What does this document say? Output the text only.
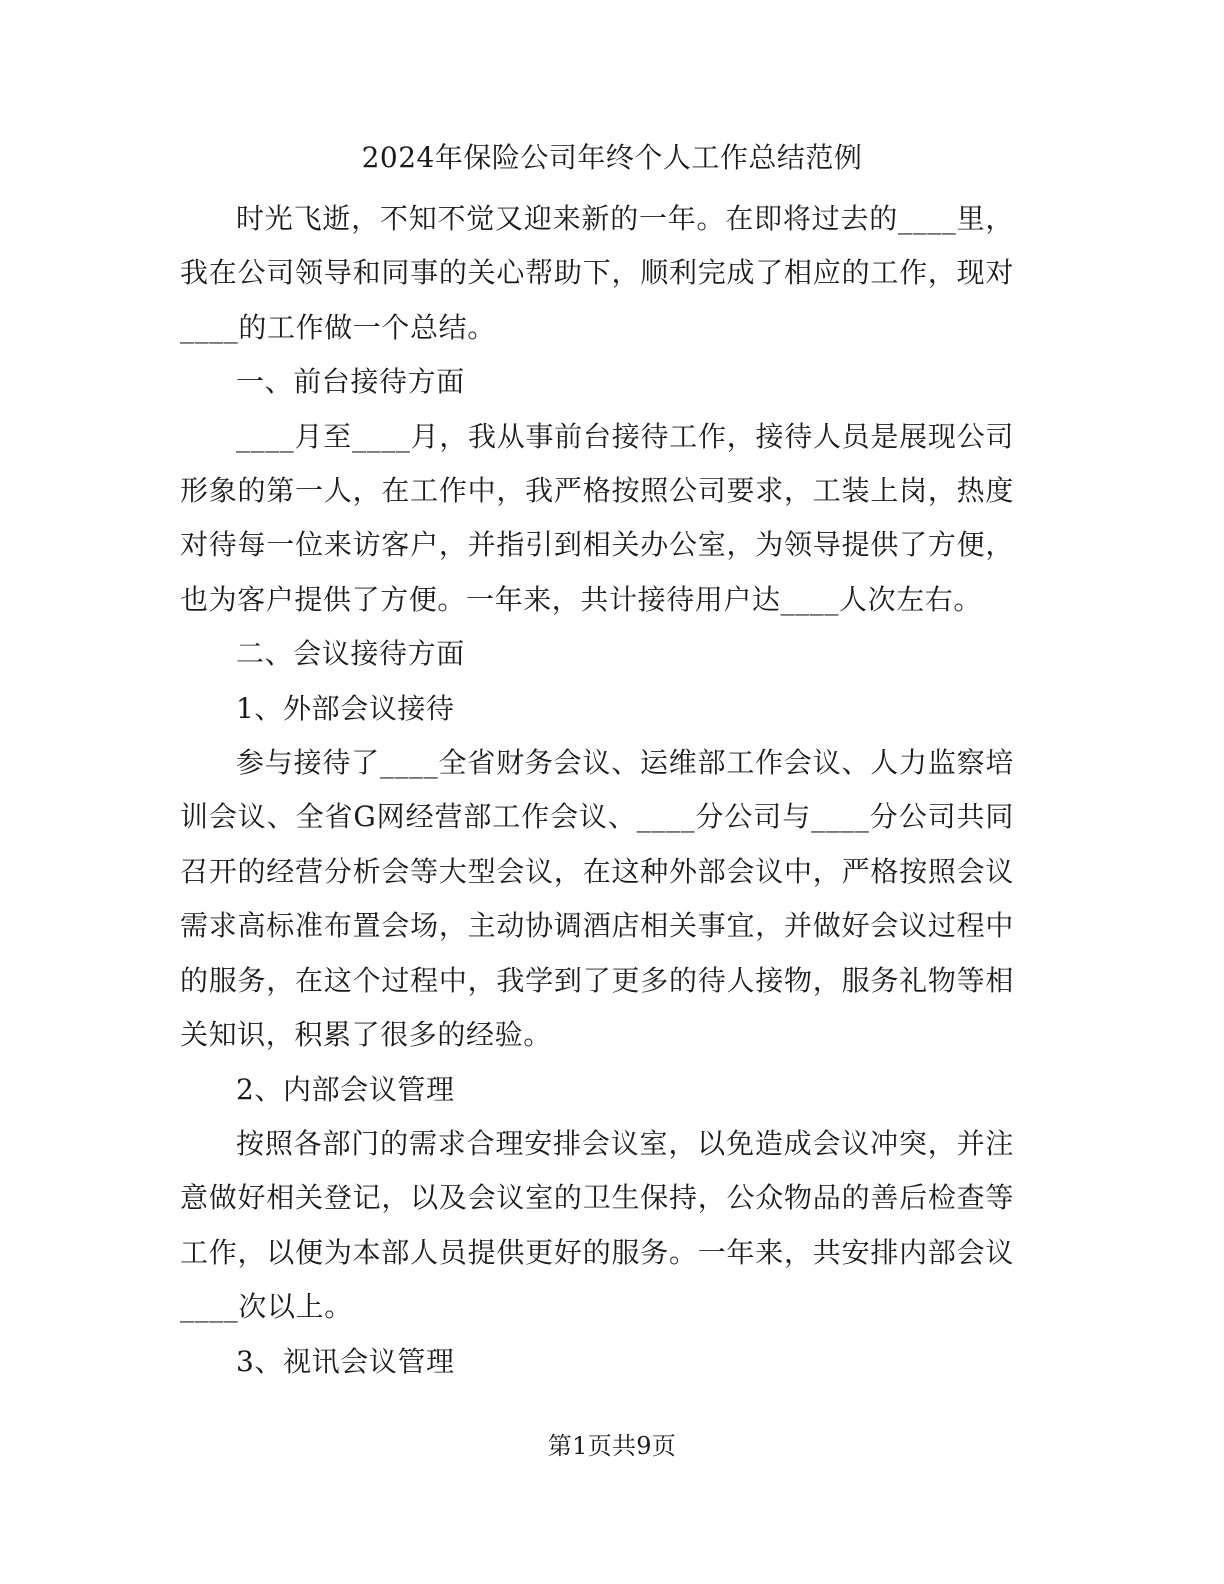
2024年保险公司年终个人工作总结范例

时光飞逝，不知不觉又迎来新的一年。在即将过去的____里，我在公司领导和同事的关心帮助下，顺利完成了相应的工作，现对____的工作做一个总结。

一、前台接待方面

____月至____月，我从事前台接待工作，接待人员是展现公司形象的第一人，在工作中，我严格按照公司要求，工装上岗，热度对待每一位来访客户，并指引到相关办公室，为领导提供了方便，也为客户提供了方便。一年来，共计接待用户达____人次左右。

二、会议接待方面

1、外部会议接待

参与接待了____全省财务会议、运维部工作会议、人力监察培训会议、全省G网经营部工作会议、____分公司与____分公司共同召开的经营分析会等大型会议，在这种外部会议中，严格按照会议需求高标准布置会场，主动协调酒店相关事宜，并做好会议过程中的服务，在这个过程中，我学到了更多的待人接物，服务礼物等相关知识，积累了很多的经验。

2、内部会议管理

按照各部门的需求合理安排会议室，以免造成会议冲突，并注意做好相关登记，以及会议室的卫生保持，公众物品的善后检查等工作，以便为本部人员提供更好的服务。一年来，共安排内部会议____次以上。

3、视讯会议管理

第1页共9页
